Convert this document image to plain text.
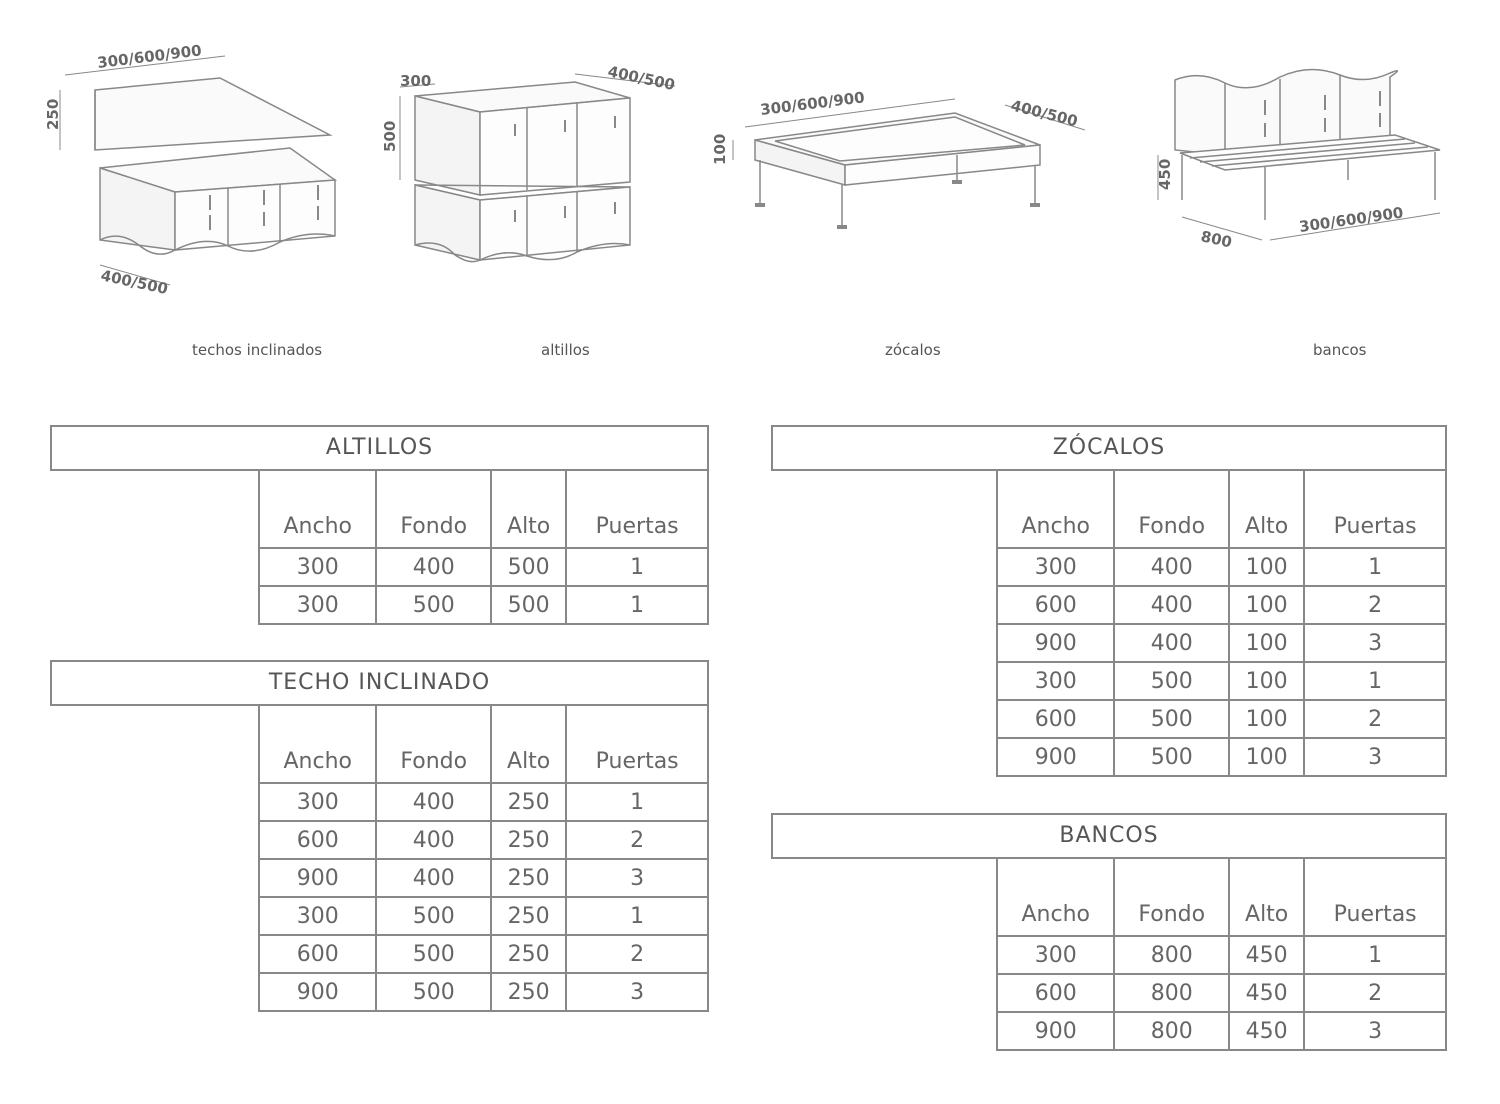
300/600/900
250
400/500
techos inclinados
300
500
400/500
altillos
300/600/900
100
400/500
zócalos
450
800
300/600/900
bancos
ALTILLOS
Ancho	Fondo	Alto	Puertas
300	400	500	1
300	500	500	1
TECHO INCLINADO
Ancho	Fondo	Alto	Puertas
300	400	250	1
600	400	250	2
900	400	250	3
300	500	250	1
600	500	250	2
900	500	250	3
ZÓCALOS
Ancho	Fondo	Alto	Puertas
300	400	100	1
600	400	100	2
900	400	100	3
300	500	100	1
600	500	100	2
900	500	100	3
BANCOS
Ancho	Fondo	Alto	Puertas
300	800	450	1
600	800	450	2
900	800	450	3
